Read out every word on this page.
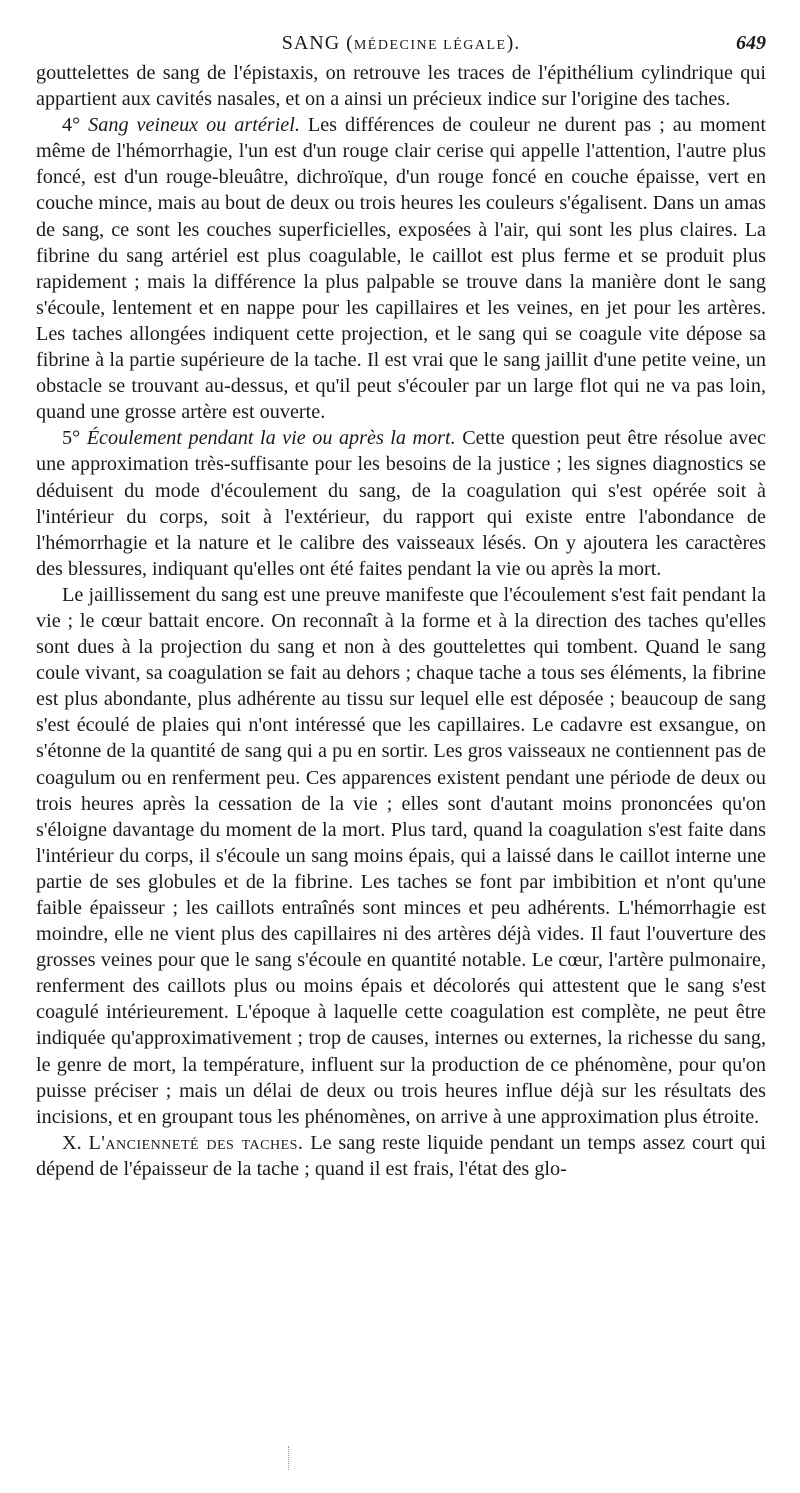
SANG (MÉDECINE LÉGALE).	649

gouttelettes de sang de l'épistaxis, on retrouve les traces de l'épithélium cylindrique qui appartient aux cavités nasales, et on a ainsi un précieux indice sur l'origine des taches.

4° Sang veineux ou artériel. Les différences de couleur ne durent pas ; au moment même de l'hémorrhagie, l'un est d'un rouge clair cerise qui appelle l'attention, l'autre plus foncé, est d'un rouge-bleuâtre, dichroïque, d'un rouge foncé en couche épaisse, vert en couche mince, mais au bout de deux ou trois heures les couleurs s'égalisent. Dans un amas de sang, ce sont les couches superficielles, exposées à l'air, qui sont les plus claires. La fibrine du sang artériel est plus coagulable, le caillot est plus ferme et se produit plus rapidement ; mais la différence la plus palpable se trouve dans la manière dont le sang s'écoule, lentement et en nappe pour les capillaires et les veines, en jet pour les artères. Les taches allongées indiquent cette projection, et le sang qui se coagule vite dépose sa fibrine à la partie supérieure de la tache. Il est vrai que le sang jaillit d'une petite veine, un obstacle se trouvant au-dessus, et qu'il peut s'écouler par un large flot qui ne va pas loin, quand une grosse artère est ouverte.

5° Écoulement pendant la vie ou après la mort. Cette question peut être résolue avec une approximation très-suffisante pour les besoins de la justice ; les signes diagnostics se déduisent du mode d'écoulement du sang, de la coagulation qui s'est opérée soit à l'intérieur du corps, soit à l'extérieur, du rapport qui existe entre l'abondance de l'hémorrhagie et la nature et le calibre des vaisseaux lésés. On y ajoutera les caractères des blessures, indiquant qu'elles ont été faites pendant la vie ou après la mort.

Le jaillissement du sang est une preuve manifeste que l'écoulement s'est fait pendant la vie ; le cœur battait encore. On reconnaît à la forme et à la direction des taches qu'elles sont dues à la projection du sang et non à des gouttelettes qui tombent. Quand le sang coule vivant, sa coagulation se fait au dehors ; chaque tache a tous ses éléments, la fibrine est plus abondante, plus adhérente au tissu sur lequel elle est déposée ; beaucoup de sang s'est écoulé de plaies qui n'ont intéressé que les capillaires. Le cadavre est exsangue, on s'étonne de la quantité de sang qui a pu en sortir. Les gros vaisseaux ne contiennent pas de coagulum ou en renferment peu. Ces apparences existent pendant une période de deux ou trois heures après la cessation de la vie ; elles sont d'autant moins prononcées qu'on s'éloigne davantage du moment de la mort. Plus tard, quand la coagulation s'est faite dans l'intérieur du corps, il s'écoule un sang moins épais, qui a laissé dans le caillot interne une partie de ses globules et de la fibrine. Les taches se font par imbibition et n'ont qu'une faible épaisseur ; les caillots entraînés sont minces et peu adhérents. L'hémorrhagie est moindre, elle ne vient plus des capillaires ni des artères déjà vides. Il faut l'ouverture des grosses veines pour que le sang s'écoule en quantité notable. Le cœur, l'artère pulmonaire, renferment des caillots plus ou moins épais et décolorés qui attestent que le sang s'est coagulé intérieurement. L'époque à laquelle cette coagulation est complète, ne peut être indiquée qu'approximativement ; trop de causes, internes ou externes, la richesse du sang, le genre de mort, la température, influent sur la production de ce phénomène, pour qu'on puisse préciser ; mais un délai de deux ou trois heures influe déjà sur les résultats des incisions, et en groupant tous les phénomènes, on arrive à une approximation plus étroite.

X. L'ancienneté des taches. Le sang reste liquide pendant un temps assez court qui dépend de l'épaisseur de la tache ; quand il est frais, l'état des glo-
